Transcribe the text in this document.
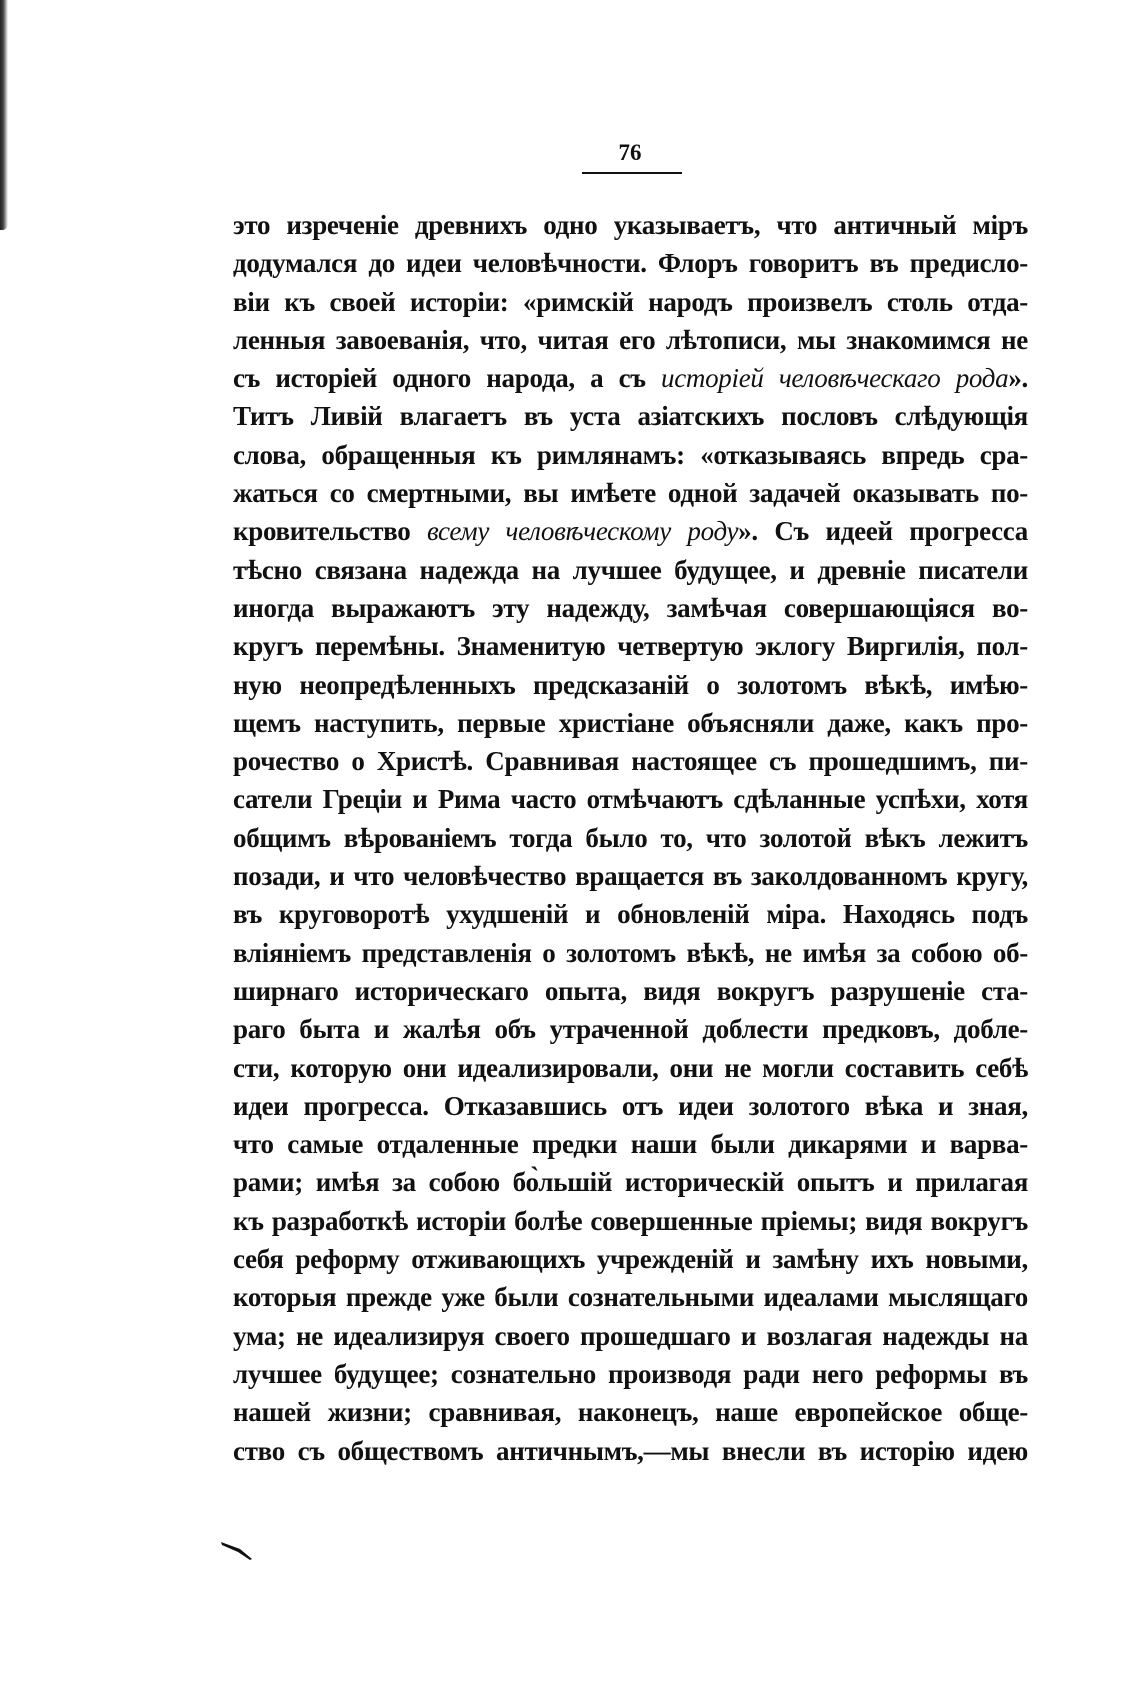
76
это изреченіе древнихъ одно указываетъ, что античный міръ
додумался до идеи человѣчности. Флоръ говоритъ въ предисло-
віи къ своей исторіи: «римскій народъ произвелъ столь отда-
ленныя завоеванія, что, читая его лѣтописи, мы знакомимся не
съ исторіей одного народа, а съ исторіей человѣческаго рода».
Титъ Ливій влагаетъ въ уста азіатскихъ пословъ слѣдующія
слова, обращенныя къ римлянамъ: «отказываясь впредь сра-
жаться со смертными, вы имѣете одной задачей оказывать по-
кровительство всему человѣческому роду». Съ идеей прогресса
тѣсно связана надежда на лучшее будущее, и древніе писатели
иногда выражаютъ эту надежду, замѣчая совершающіяся во-
кругъ перемѣны. Знаменитую четвертую эклогу Виргилія, пол-
ную неопредѣленныхъ предсказаній о золотомъ вѣкѣ, имѣю-
щемъ наступить, первые христіане объясняли даже, какъ про-
рочество о Христѣ. Сравнивая настоящее съ прошедшимъ, пи-
сатели Греціи и Рима часто отмѣчаютъ сдѣланные успѣхи, хотя
общимъ вѣрованіемъ тогда было то, что золотой вѣкъ лежитъ
позади, и что человѣчество вращается въ заколдованномъ кругу,
въ круговоротѣ ухудшеній и обновленій міра. Находясь подъ
вліяніемъ представленія о золотомъ вѣкѣ, не имѣя за собою об-
ширнаго историческаго опыта, видя вокругъ разрушеніе ста-
раго быта и жалѣя объ утраченной доблести предковъ, добле-
сти, которую они идеализировали, они не могли составить себѣ
идеи прогресса. Отказавшись отъ идеи золотого вѣка и зная,
что самые отдаленные предки наши были дикарями и варва-
рами; имѣя за собою бо̀льшій историческій опытъ и прилагая
къ разработкѣ исторіи болѣе совершенные пріемы; видя вокругъ
себя реформу отживающихъ учрежденій и замѣну ихъ новыми,
которыя прежде уже были сознательными идеалами мыслящаго
ума; не идеализируя своего прошедшаго и возлагая надежды на
лучшее будущее; сознательно производя ради него реформы въ
нашей жизни; сравнивая, наконецъ, наше европейское обще-
ство съ обществомъ античнымъ,—мы внесли въ исторію идею
